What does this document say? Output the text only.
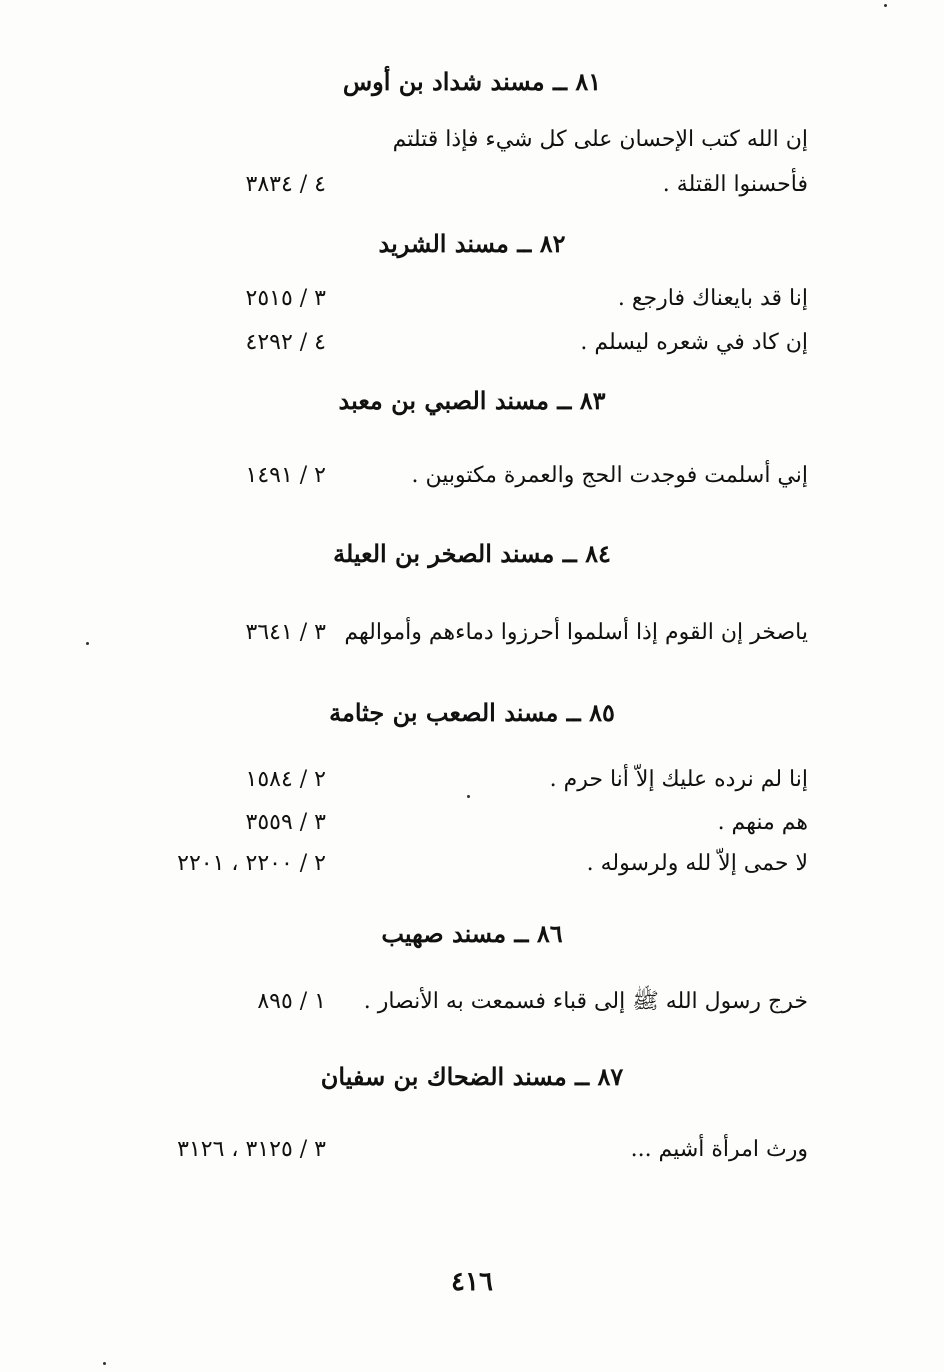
٨١ ــ مسند شداد بن أوس
إن الله كتب الإحسان على كل شيء فإذا قتلتم
فأحسنوا القتلة .
٤ / ٣٨٣٤
٨٢ ــ مسند الشريد
إنا قد بايعناك فارجع .
٣ / ٢٥١٥
إن كاد في شعره ليسلم .
٤ / ٤٢٩٢
٨٣ ــ مسند الصبي بن معبد
إني أسلمت فوجدت الحج والعمرة مكتوبين .
٢ / ١٤٩١
٨٤ ــ مسند الصخر بن العيلة
ياصخر إن القوم إذا أسلموا أحرزوا دماءهم وأموالهم
٣ / ٣٦٤١
٨٥ ــ مسند الصعب بن جثامة
إنا لم نرده عليك إلاّ أنا حرم .
٢ / ١٥٨٤
هم منهم .
٣ / ٣٥٥٩
لا حمى إلاّ لله ولرسوله .
٢ / ٢٢٠٠ ، ٢٢٠١
٨٦ ــ مسند صهيب
خرج رسول الله ﷺ إلى قباء فسمعت به الأنصار .
١ / ٨٩٥
٨٧ ــ مسند الضحاك بن سفيان
ورث امرأة أشيم ...
٣ / ٣١٢٥ ، ٣١٢٦
٤١٦
